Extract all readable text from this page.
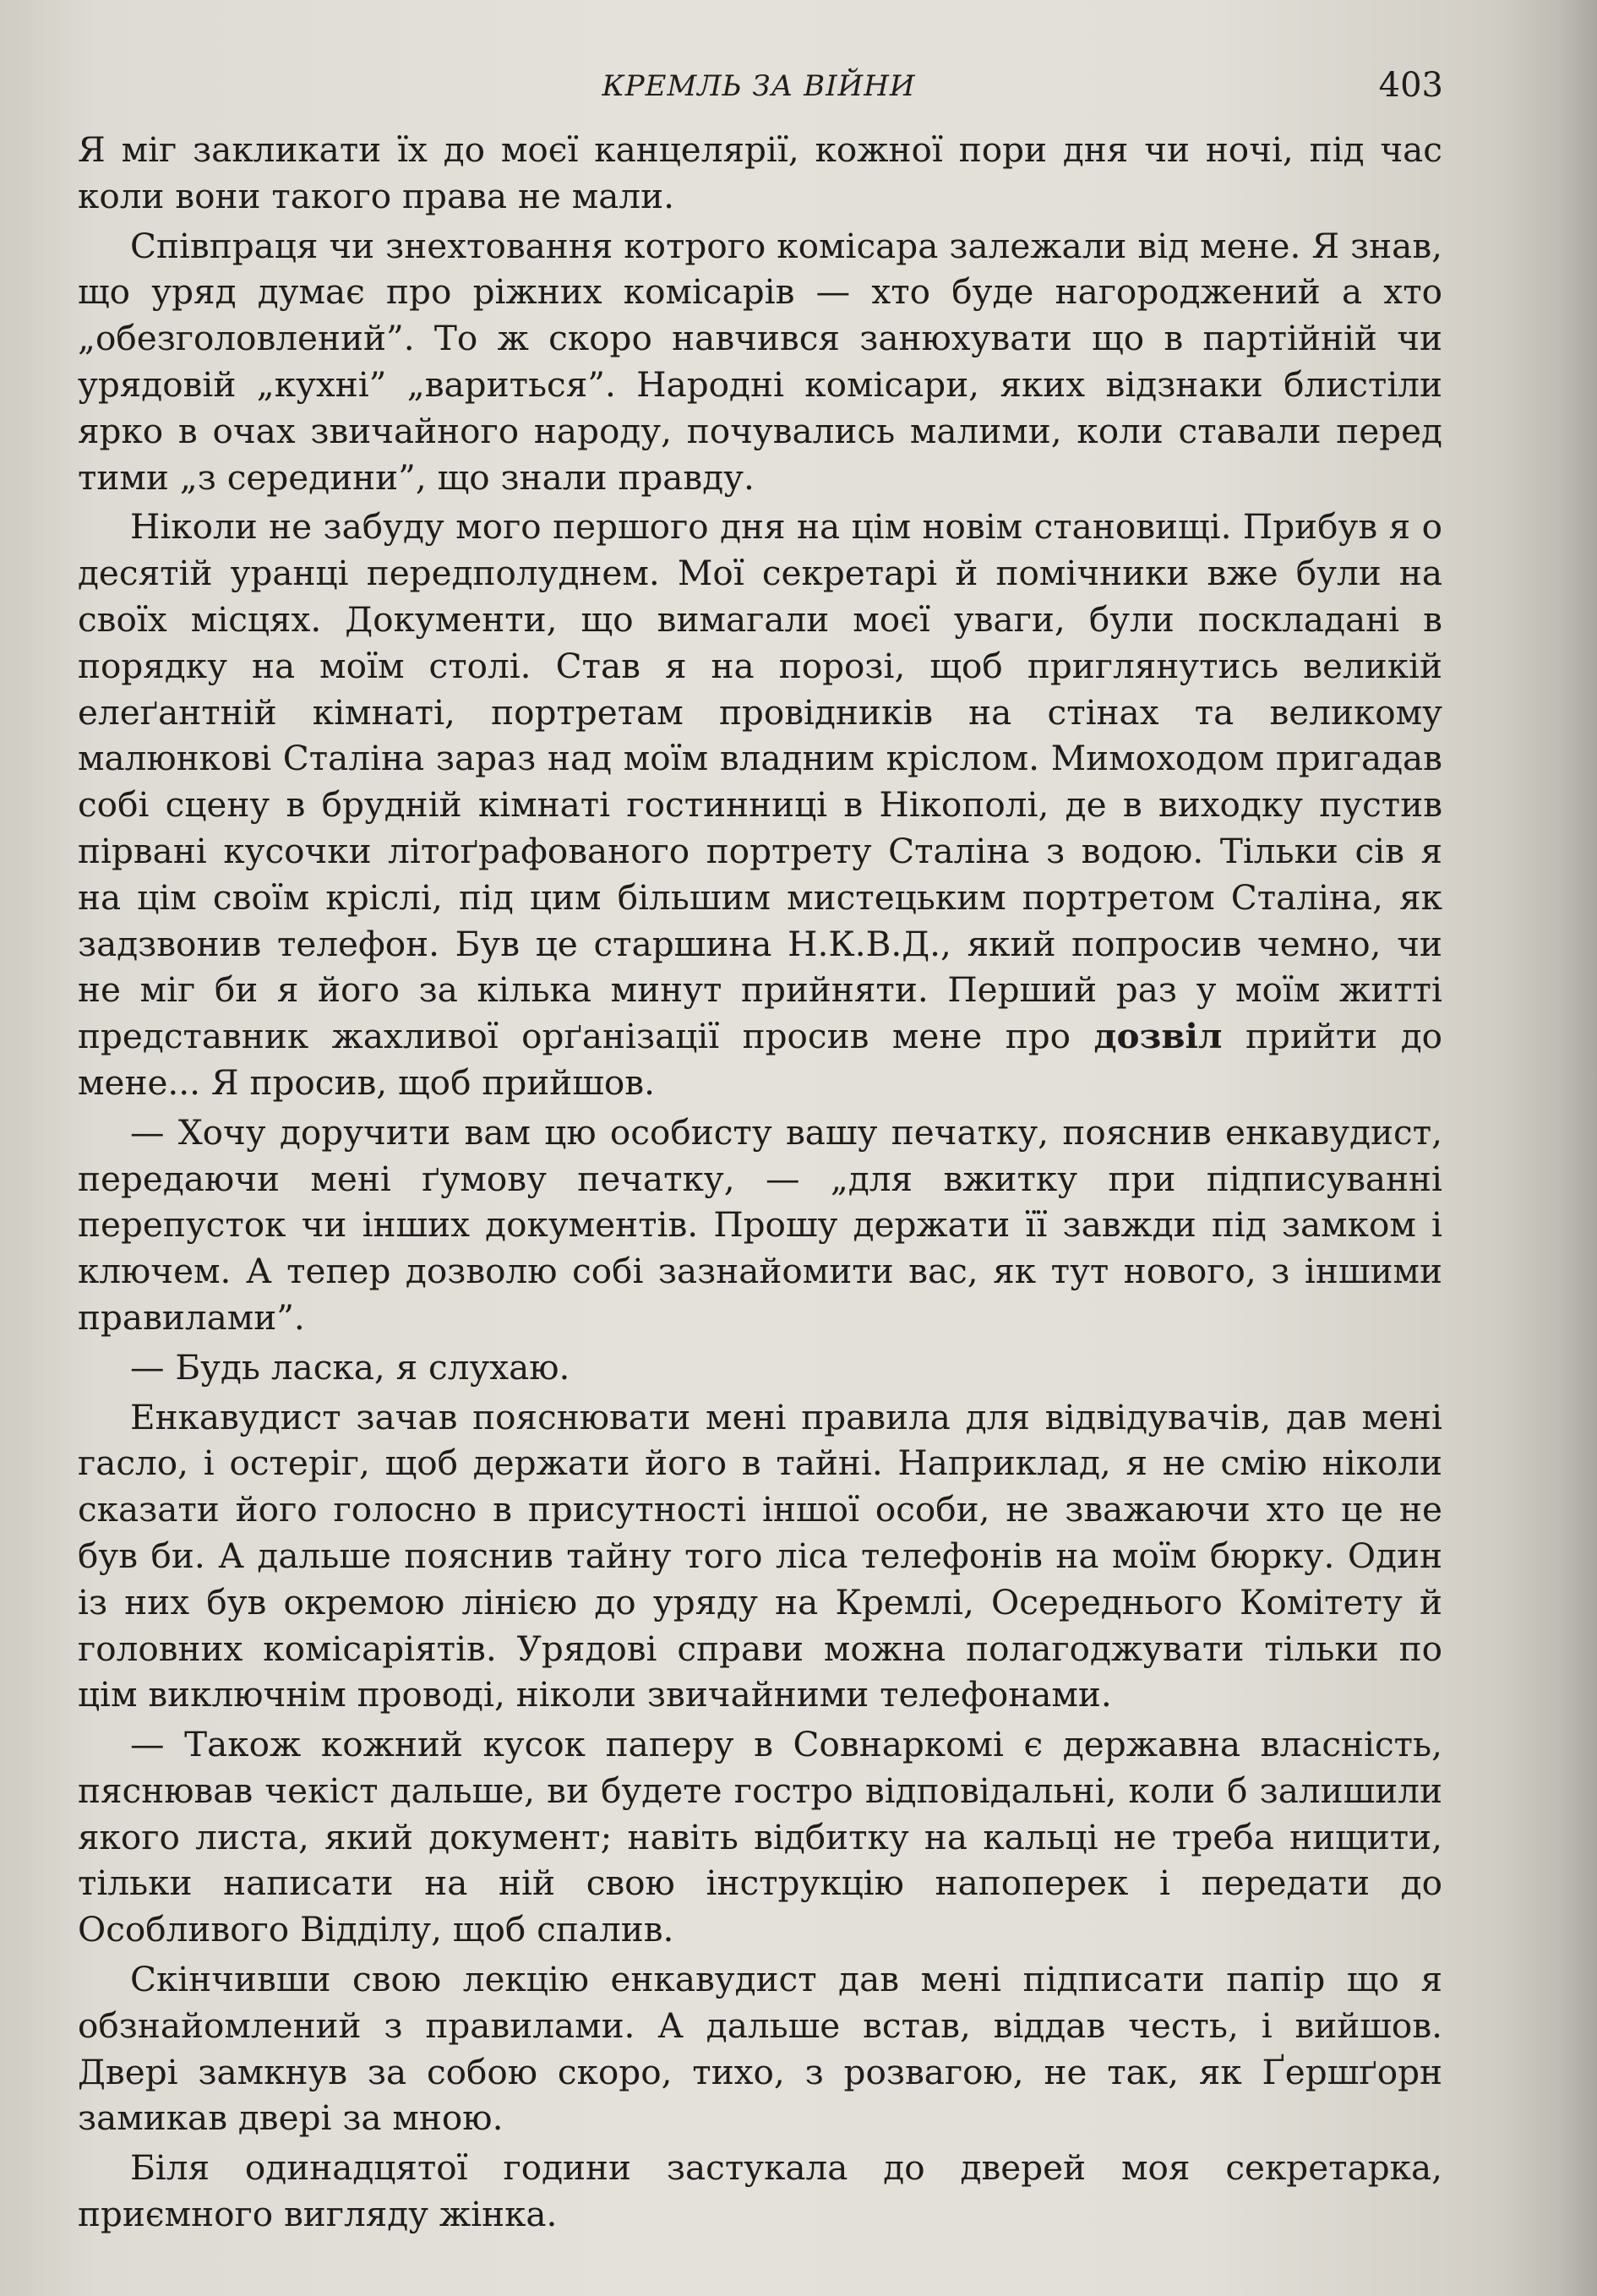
КРЕМЛЬ ЗА ВІЙНИ	403

Я міг закликати їх до моєї канцелярії, кожної пори дня чи ночі, під час коли вони такого права не мали.

Співпраця чи знехтовання котрого комісара залежали від мене. Я знав, що уряд думає про ріжних комісарів — хто буде нагороджений а хто „обезголовлений”. То ж скоро навчився занюхувати що в партійній чи урядовій „кухні” „вариться”. Народні комісари, яких відзнаки блистіли ярко в очах звичайного народу, почувались малими, коли ставали перед тими „з середини”, що знали правду.

Ніколи не забуду мого першого дня на цім новім становищі. Прибув я о десятій уранці передполуднем. Мої секретарі й помічники вже були на своїх місцях. Документи, що вимагали моєї уваги, були поскладані в порядку на моїм столі. Став я на порозі, щоб приглянутись великій елеґантній кімнаті, портретам провідників на стінах та великому малюнкові Сталіна зараз над моїм владним кріслом. Мимоходом пригадав собі сцену в брудній кімнаті гостинниці в Нікополі, де в виходку пустив пірвані кусочки літоґрафованого портрету Сталіна з водою. Тільки сів я на цім своїм кріслі, під цим більшим мистецьким портретом Сталіна, як задзвонив телефон. Був це старшина Н.К.В.Д., який попросив чемно, чи не міг би я його за кілька минут прийняти. Перший раз у моїм житті представник жахливої орґанізації просив мене про дозвіл прийти до мене... Я просив, щоб прийшов.

— Хочу доручити вам цю особисту вашу печатку, пояснив енкавудист, передаючи мені ґумову печатку, — „для вжитку при підписуванні перепусток чи інших документів. Прошу держати її завжди під замком і ключем. А тепер дозволю собі зазнайомити вас, як тут нового, з іншими правилами”.

— Будь ласка, я слухаю.

Енкавудист зачав пояснювати мені правила для відвідувачів, дав мені гасло, і остеріг, щоб держати його в тайні. Наприклад, я не смію ніколи сказати його голосно в присутності іншої особи, не зважаючи хто це не був би. А дальше пояснив тайну того ліса телефонів на моїм бюрку. Один із них був окремою лінією до уряду на Кремлі, Осереднього Комітету й головних комісаріятів. Урядові справи можна полагоджувати тільки по цім виключнім проводі, ніколи звичайними телефонами.

— Також кожний кусок паперу в Совнаркомі є державна власність, пяснював чекіст дальше, ви будете гостро відповідальні, коли б залишили якого листа, який документ; навіть відбитку на кальці не треба нищити, тільки написати на ній свою інструкцію напоперек і передати до Особливого Відділу, щоб спалив.

Скінчивши свою лекцію енкавудист дав мені підписати папір що я обзнайомлений з правилами. А дальше встав, віддав честь, і вийшов. Двері замкнув за собою скоро, тихо, з розвагою, не так, як Ґершґорн замикав двері за мною.

Біля одинадцятої години застукала до дверей моя секретарка, приємного вигляду жінка.
